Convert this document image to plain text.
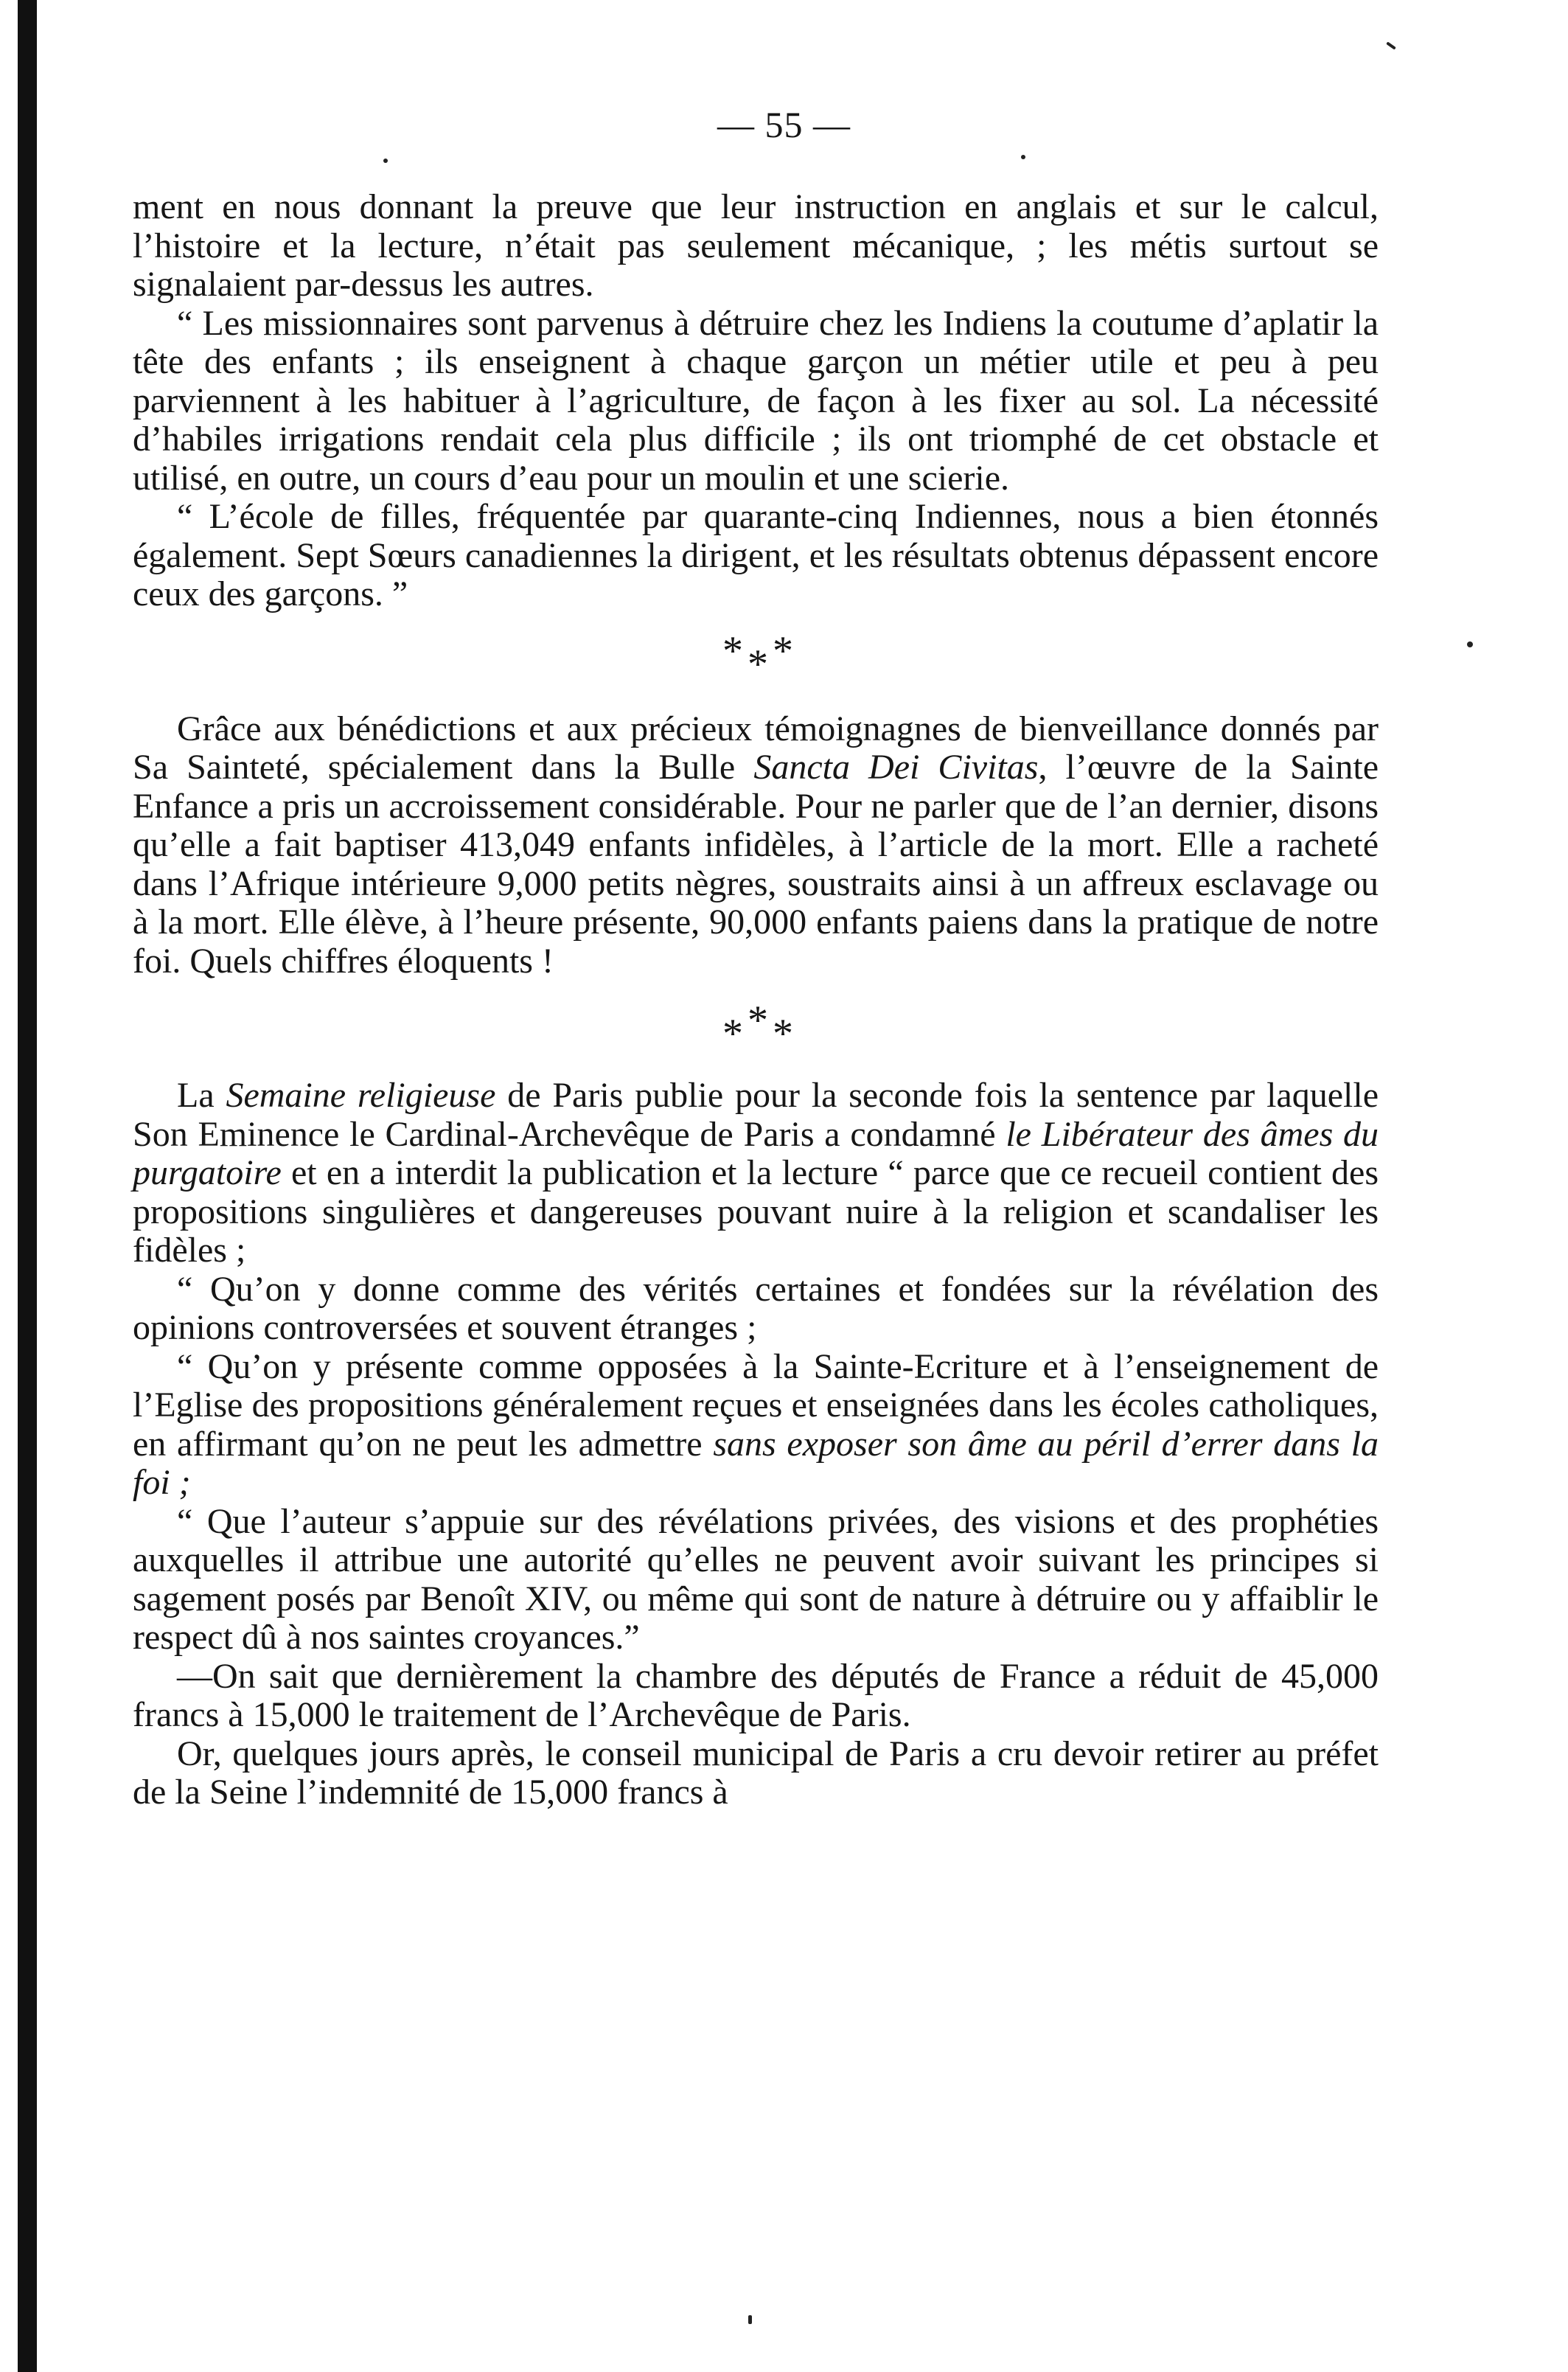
— 55 —

ment en nous donnant la preuve que leur instruction en anglais et sur le calcul, l’histoire et la lecture, n’était pas seulement mécanique, ; les métis surtout se signalaient par-dessus les autres.

“ Les missionnaires sont parvenus à détruire chez les Indiens la coutume d’aplatir la tête des enfants ; ils enseignent à chaque garçon un métier utile et peu à peu parviennent à les habituer à l’agriculture, de façon à les fixer au sol. La nécessité d’habiles irrigations rendait cela plus difficile ; ils ont triomphé de cet obstacle et utilisé, en outre, un cours d’eau pour un moulin et une scierie.

“ L’école de filles, fréquentée par quarante-cinq Indiennes, nous a bien étonnés également. Sept Sœurs canadiennes la dirigent, et les résultats obtenus dépassent encore ceux des garçons. ”

* * *

Grâce aux bénédictions et aux précieux témoignagnes de bienveillance donnés par Sa Sainteté, spécialement dans la Bulle Sancta Dei Civitas, l’œuvre de la Sainte Enfance a pris un accroissement considérable. Pour ne parler que de l’an dernier, disons qu’elle a fait baptiser 413,049 enfants infidèles, à l’article de la mort. Elle a racheté dans l’Afrique intérieure 9,000 petits nègres, soustraits ainsi à un affreux esclavage ou à la mort. Elle élève, à l’heure présente, 90,000 enfants paiens dans la pratique de notre foi. Quels chiffres éloquents !

* * *

La Semaine religieuse de Paris publie pour la seconde fois la sentence par laquelle Son Eminence le Cardinal-Archevêque de Paris a condamné le Libérateur des âmes du purgatoire et en a interdit la publication et la lecture “ parce que ce recueil contient des propositions singulières et dangereuses pouvant nuire à la religion et scandaliser les fidèles ;

“ Qu’on y donne comme des vérités certaines et fondées sur la révélation des opinions controversées et souvent étranges ;

“ Qu’on y présente comme opposées à la Sainte-Ecriture et à l’enseignement de l’Eglise des propositions généralement reçues et enseignées dans les écoles catholiques, en affirmant qu’on ne peut les admettre sans exposer son âme au péril d’errer dans la foi ;

“ Que l’auteur s’appuie sur des révélations privées, des visions et des prophéties auxquelles il attribue une autorité qu’elles ne peuvent avoir suivant les principes si sagement posés par Benoît XIV, ou même qui sont de nature à détruire ou y affaiblir le respect dû à nos saintes croyances.”

—On sait que dernièrement la chambre des députés de France a réduit de 45,000 francs à 15,000 le traitement de l’Archevêque de Paris.

Or, quelques jours après, le conseil municipal de Paris a cru devoir retirer au préfet de la Seine l’indemnité de 15,000 francs à
